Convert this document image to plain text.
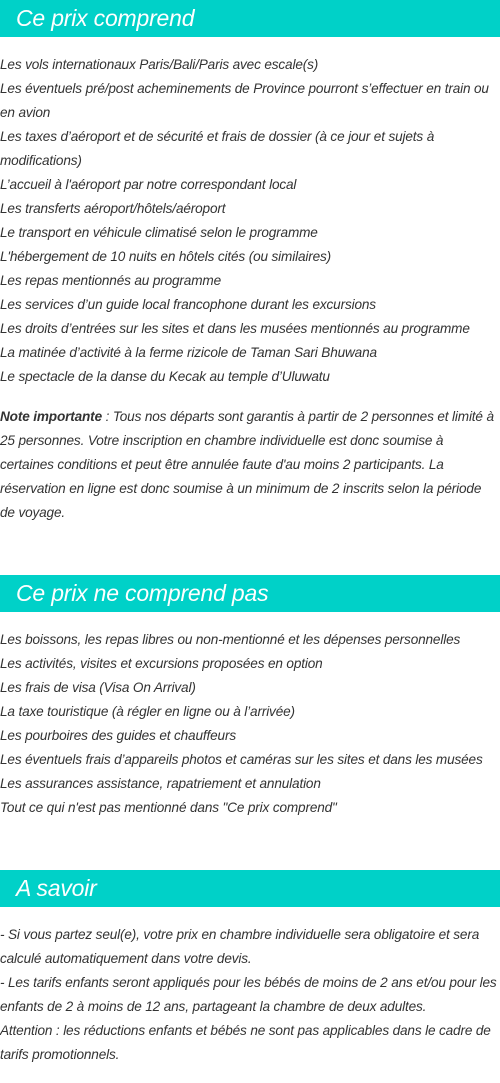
Ce prix comprend
Les vols internationaux Paris/Bali/Paris avec escale(s)
Les éventuels pré/post acheminements de Province pourront s’effectuer en train ou en avion
Les taxes d’aéroport et de sécurité et frais de dossier (à ce jour et sujets à modifications)
L’accueil à l'aéroport par notre correspondant local
Les transferts aéroport/hôtels/aéroport
Le transport en véhicule climatisé selon le programme
L'hébergement de 10 nuits en hôtels cités (ou similaires)
Les repas mentionnés au programme
Les services d’un guide local francophone durant les excursions
Les droits d’entrées sur les sites et dans les musées mentionnés au programme
La matinée d’activité à la ferme rizicole de Taman Sari Bhuwana
Le spectacle de la danse du Kecak au temple d’Uluwatu

Note importante : Tous nos départs sont garantis à partir de 2 personnes et limité à 25 personnes. Votre inscription en chambre individuelle est donc soumise à certaines conditions et peut être annulée faute d'au moins 2 participants. La réservation en ligne est donc soumise à un minimum de 2 inscrits selon la période de voyage.

Ce prix ne comprend pas
Les boissons, les repas libres ou non-mentionné et les dépenses personnelles
Les activités, visites et excursions proposées en option
Les frais de visa (Visa On Arrival)
La taxe touristique (à régler en ligne ou à l’arrivée)
Les pourboires des guides et chauffeurs
Les éventuels frais d’appareils photos et caméras sur les sites et dans les musées
Les assurances assistance, rapatriement et annulation
Tout ce qui n'est pas mentionné dans "Ce prix comprend"
A savoir
- Si vous partez seul(e), votre prix en chambre individuelle sera obligatoire et sera calculé automatiquement dans votre devis.
- Les tarifs enfants seront appliqués pour les bébés de moins de 2 ans et/ou pour les enfants de 2 à moins de 12 ans, partageant la chambre de deux adultes.
Attention : les réductions enfants et bébés ne sont pas applicables dans le cadre de tarifs promotionnels.
